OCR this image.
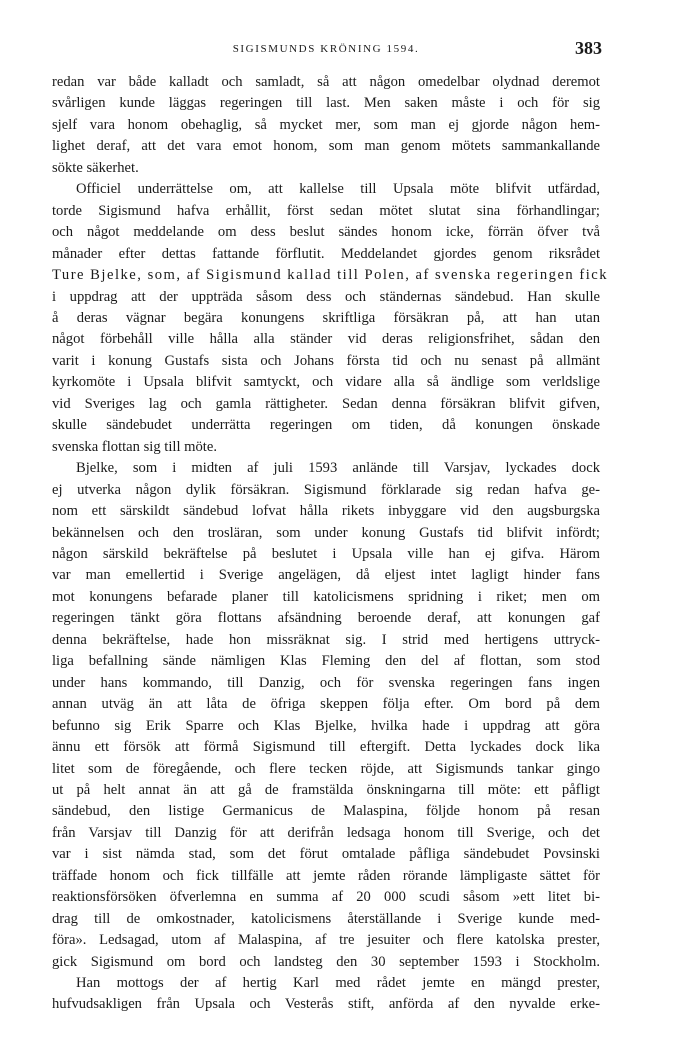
SIGISMUNDS KRÖNING 1594.	383
redan var både kalladt och samladt, så att någon omedelbar olydnad deremot
svårligen kunde läggas regeringen till last. Men saken måste i och för sig
sjelf vara honom obehaglig, så mycket mer, som man ej gjorde någon hem-
lighet deraf, att det vara emot honom, som man genom mötets sammankallande
sökte säkerhet.
Officiel underrättelse om, att kallelse till Upsala möte blifvit utfärdad,
torde Sigismund hafva erhållit, först sedan mötet slutat sina förhandlingar;
och något meddelande om dess beslut sändes honom icke, förrän öfver två
månader efter dettas fattande förflutit. Meddelandet gjordes genom riksrådet
Ture Bjelke, som, af Sigismund kallad till Polen, af svenska regeringen fick
i uppdrag att der uppträda såsom dess och ständernas sändebud. Han skulle
å deras vägnar begära konungens skriftliga försäkran på, att han utan
något förbehåll ville hålla alla ständer vid deras religionsfrihet, sådan den
varit i konung Gustafs sista och Johans första tid och nu senast på allmänt
kyrkomöte i Upsala blifvit samtyckt, och vidare alla så ändlige som verldslige
vid Sveriges lag och gamla rättigheter. Sedan denna försäkran blifvit gifven,
skulle sändebudet underrätta regeringen om tiden, då konungen önskade
svenska flottan sig till möte.
Bjelke, som i midten af juli 1593 anlände till Varsjav, lyckades dock
ej utverka någon dylik försäkran. Sigismund förklarade sig redan hafva ge-
nom ett särskildt sändebud lofvat hålla rikets inbyggare vid den augsburgska
bekännelsen och den trosläran, som under konung Gustafs tid blifvit infördt;
någon särskild bekräftelse på beslutet i Upsala ville han ej gifva. Härom
var man emellertid i Sverige angelägen, då eljest intet lagligt hinder fans
mot konungens befarade planer till katolicismens spridning i riket; men om
regeringen tänkt göra flottans afsändning beroende deraf, att konungen gaf
denna bekräftelse, hade hon missräknat sig. I strid med hertigens uttryck-
liga befallning sände nämligen Klas Fleming den del af flottan, som stod
under hans kommando, till Danzig, och för svenska regeringen fans ingen
annan utväg än att låta de öfriga skeppen följa efter. Om bord på dem
befunno sig Erik Sparre och Klas Bjelke, hvilka hade i uppdrag att göra
ännu ett försök att förmå Sigismund till eftergift. Detta lyckades dock lika
litet som de föregående, och flere tecken röjde, att Sigismunds tankar gingo
ut på helt annat än att gå de framstälda önskningarna till möte: ett påfligt
sändebud, den listige Germanicus de Malaspina, följde honom på resan
från Varsjav till Danzig för att derifrån ledsaga honom till Sverige, och det
var i sist nämda stad, som det förut omtalade påfliga sändebudet Povsinski
träffade honom och fick tillfälle att jemte råden rörande lämpligaste sättet för
reaktionsförsöken öfverlemna en summa af 20 000 scudi såsom »ett litet bi-
drag till de omkostnader, katolicismens återställande i Sverige kunde med-
föra». Ledsagad, utom af Malaspina, af tre jesuiter och flere katolska prester,
gick Sigismund om bord och landsteg den 30 september 1593 i Stockholm.
Han mottogs der af hertig Karl med rådet jemte en mängd prester,
hufvudsakligen från Upsala och Vesterås stift, anförda af den nyvalde erke-
